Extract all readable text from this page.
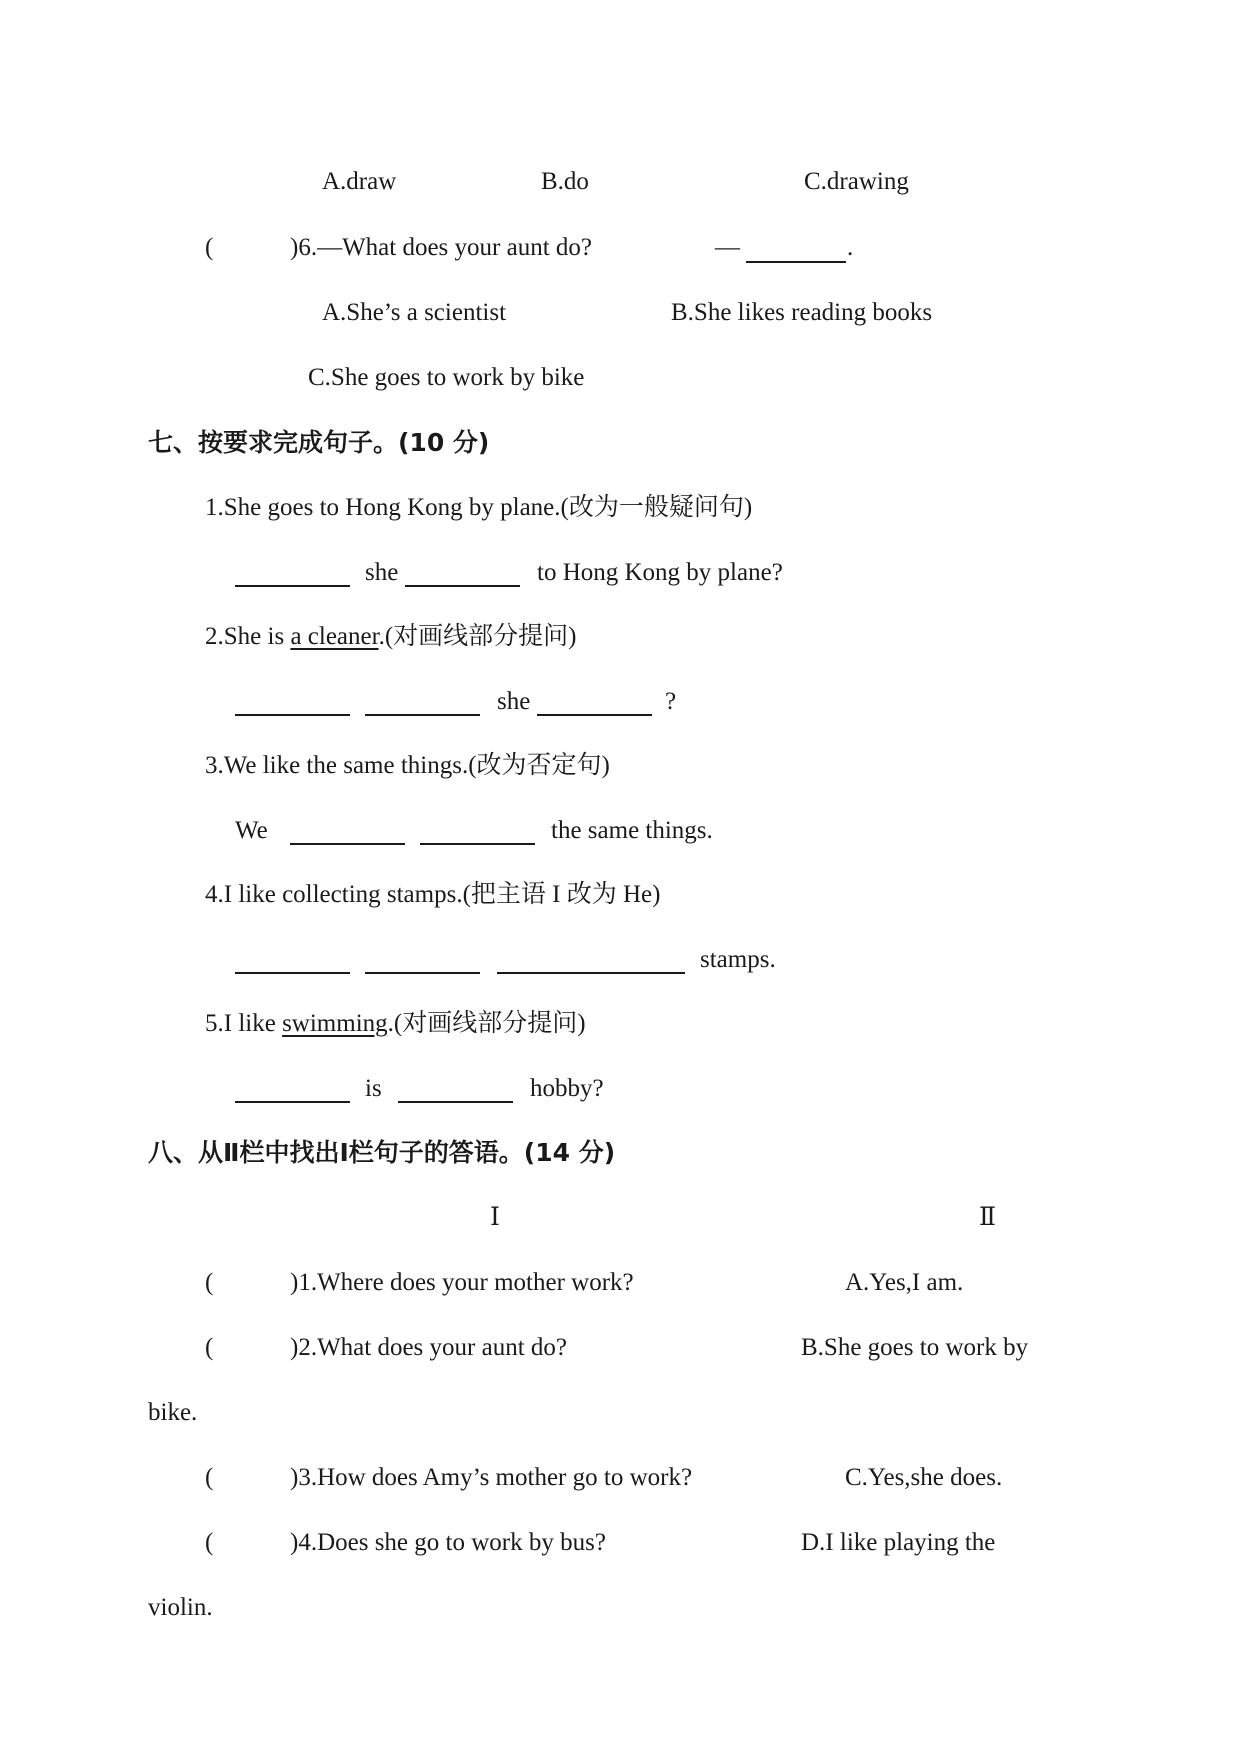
A.draw	B.do	C.drawing
(	)6.—What does your aunt do?	—	.
A.She’s a scientist	B.She likes reading books
C.She goes to work by bike
七、按要求完成句子。(10 分)
1.She goes to Hong Kong by plane.(改为一般疑问句)
she	to Hong Kong by plane?
2.She is a cleaner.(对画线部分提问)
she	?
3.We like the same things.(改为否定句)
We	the same things.
4.I like collecting stamps.(把主语 I 改为 He)
stamps.
5.I like swimming.(对画线部分提问)
is	hobby?
八、从Ⅱ栏中找出Ⅰ栏句子的答语。(14 分)
Ⅰ	Ⅱ
(	)1.Where does your mother work?	A.Yes,I am.
(	)2.What does your aunt do?	B.She goes to work by
bike.
(	)3.How does Amy’s mother go to work?	C.Yes,she does.
(	)4.Does she go to work by bus?	D.I like playing the
violin.
